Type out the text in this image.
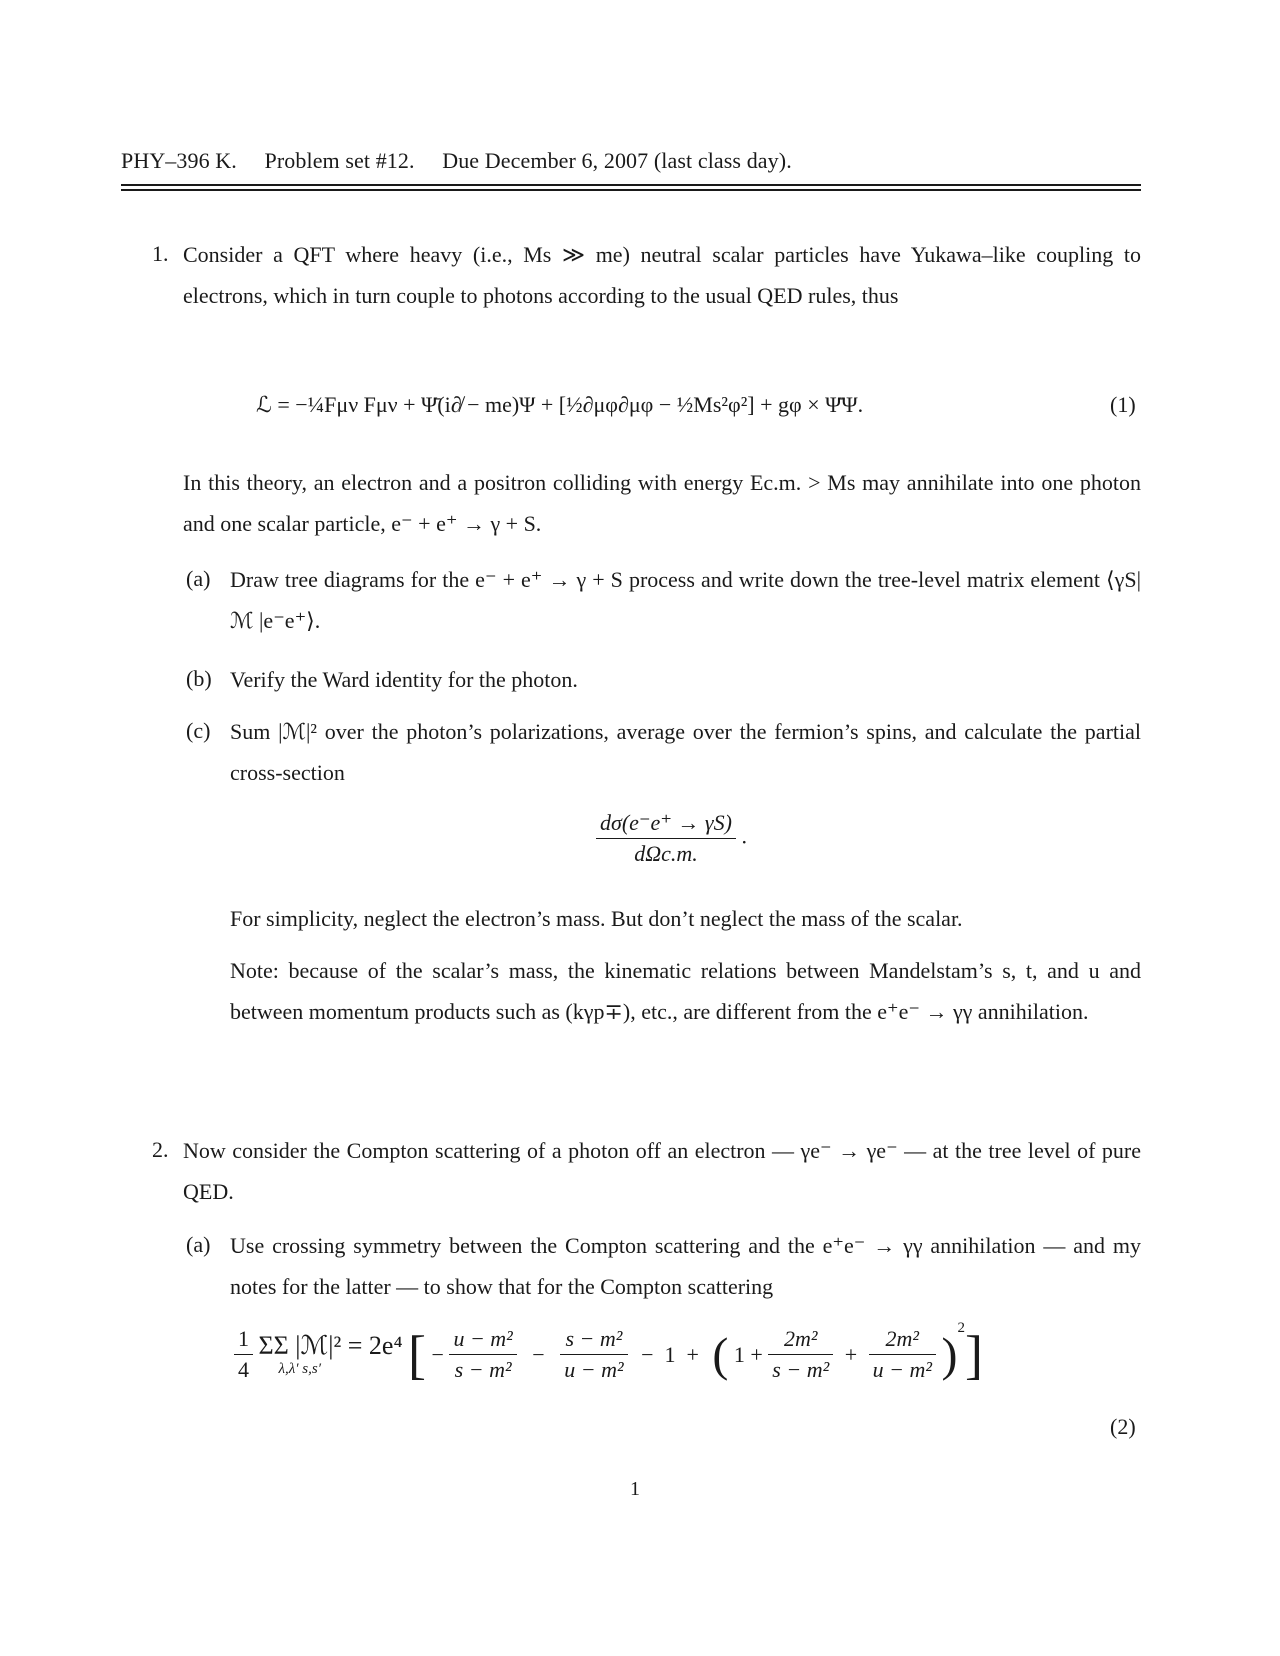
PHY–396 K. Problem set #12. Due December 6, 2007 (last class day).
1. Consider a QFT where heavy (i.e., Ms ≫ me) neutral scalar particles have Yukawa–like coupling to electrons, which in turn couple to photons according to the usual QED rules, thus
ℒ = −¼Fμν Fμν + Ψ̄(i∂̸ − me)Ψ + [½∂μφ∂μφ − ½Ms²φ²] + gφ × Ψ̄Ψ.	(1)
In this theory, an electron and a positron colliding with energy Ec.m. > Ms may annihilate into one photon and one scalar particle, e⁻ + e⁺ → γ + S.
(a) Draw tree diagrams for the e⁻ + e⁺ → γ + S process and write down the tree-level matrix element ⟨γS| ℳ |e⁻e⁺⟩.
(b) Verify the Ward identity for the photon.
(c) Sum |ℳ|² over the photon’s polarizations, average over the fermion’s spins, and calculate the partial cross-section
$\frac{d\sigma(e^-e^+ \to \gamma S)}{\text{dΩc.m.}}$ .
For simplicity, neglect the electron’s mass. But don’t neglect the mass of the scalar.
Note: because of the scalar’s mass, the kinematic relations between Mandelstam’s s, t, and u and between momentum products such as (kγp∓), etc., are different from the e⁺e⁻ → γγ annihilation.
2. Now consider the Compton scattering of a photon off an electron — γe⁻ → γe⁻ — at the tree level of pure QED.
(a) Use crossing symmetry between the Compton scattering and the e⁺e⁻ → γγ annihilation — and my notes for the latter — to show that for the Compton scattering
$\frac{1}{4}$
ΣΣ |ℳ|² = 2e⁴
λ,λ′ s,s′	[ − $\frac{\text{u − m²}}{\text{s − m²}} - \frac{\text{s − m²}}{\text{u − m²}} - 1$  + ( $1 + \frac{\text{2m²}}{\text{s − m²}} + \frac{\text{2m²}}{\text{u − m²}} )^2$]
(2)
1
